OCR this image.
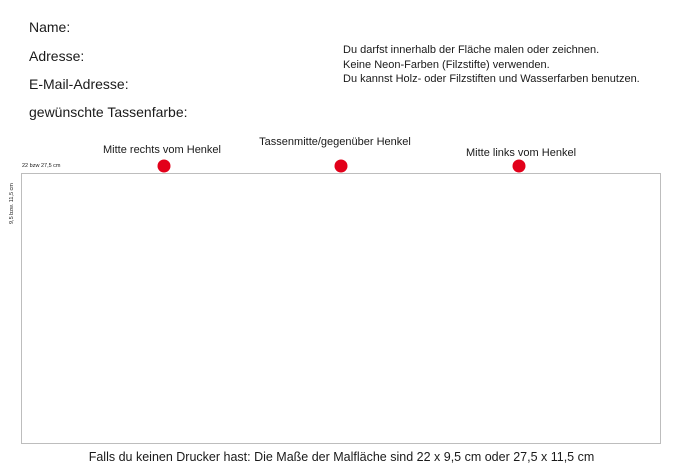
Name:
Adresse:
E-Mail-Adresse:
gewünschte Tassenfarbe:
Du darfst innerhalb der Fläche malen oder zeichnen.
Keine Neon-Farben (Filzstifte) verwenden.
Du kannst Holz- oder Filzstiften und Wasserfarben benutzen.
Mitte rechts vom Henkel
Tassenmitte/gegenüber Henkel
Mitte links vom Henkel
22 bzw 27,5 cm
9,5 bzw. 11,5 cm
Falls du keinen Drucker hast: Die Maße der Malfläche sind 22 x 9,5 cm oder 27,5 x 11,5 cm
